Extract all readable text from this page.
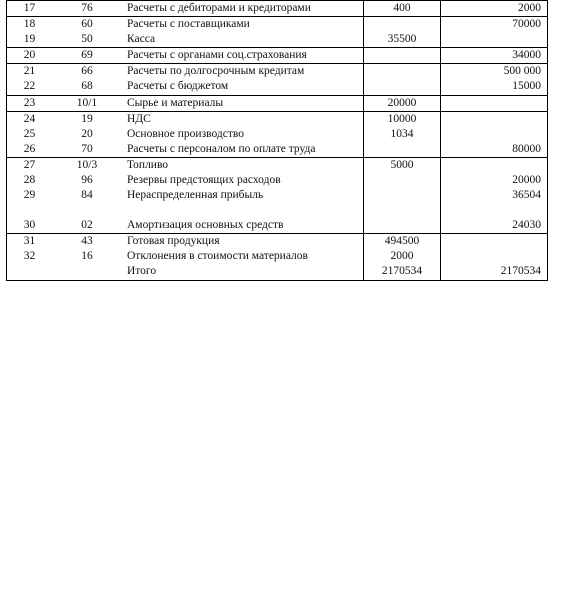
17	76	Расчеты с дебиторами и кредиторами	400	2000
18	60	Расчеты с поставщиками		70000
19	50	Касса	35500	
20	69	Расчеты с органами соц.страхования		34000
21	66	Расчеты по долгосрочным кредитам		500 000
22	68	Расчеты с бюджетом		15000
23	10/1	Сырье и материалы	20000	
24	19	НДС	10000	
25	20	Основное производство	1034	
26	70	Расчеты с персоналом по оплате труда		80000
27	10/3	Топливо	5000	
28	96	Резервы предстоящих расходов		20000
29	84	Нераспределенная прибыль		36504
30	02	Амортизация основных средств		24030
31	43	Готовая продукция	494500	
32	16	Отклонения в стоимости материалов	2000	
		Итого	2170534	2170534
